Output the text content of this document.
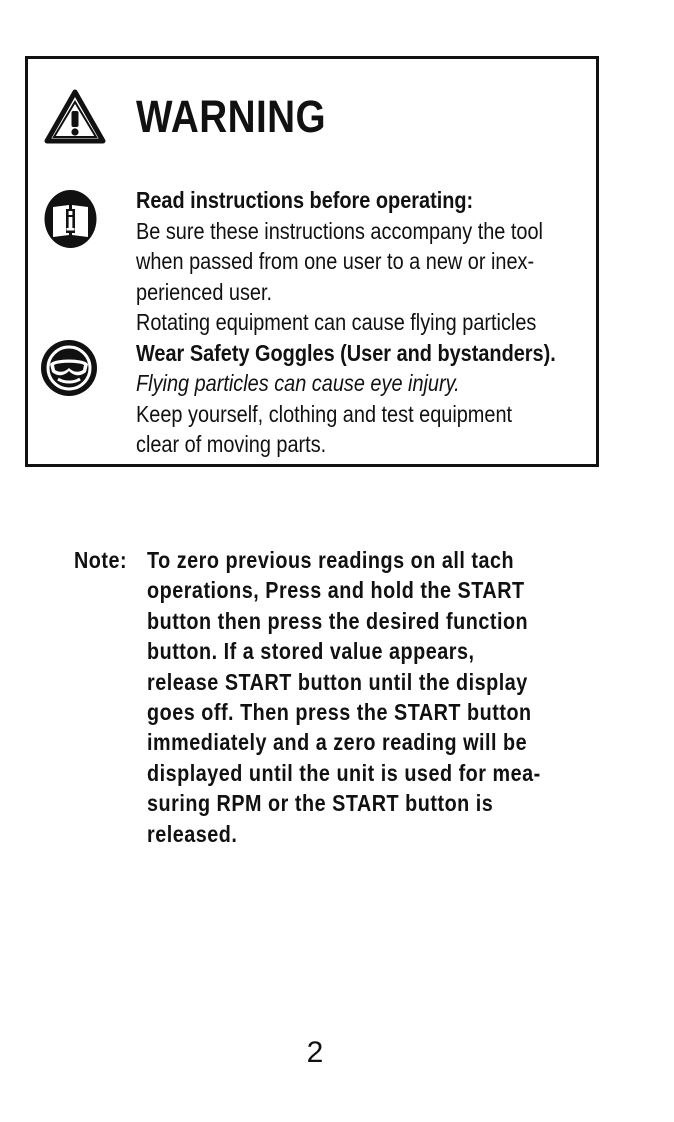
WARNING
Read instructions before operating:
Be sure these instructions accompany the tool
when passed from one user to a new or inex-
perienced user.
Rotating equipment can cause flying particles
Wear Safety Goggles (User and bystanders).
Flying particles can cause eye injury.
Keep yourself, clothing and test equipment
clear of moving parts.
Note: To zero previous readings on all tach
operations, Press and hold the START
button then press the desired function
button. If a stored value appears,
release START button until the display
goes off. Then press the START button
immediately and a zero reading will be
displayed until the unit is used for mea-
suring RPM or the START button is
released.
2
